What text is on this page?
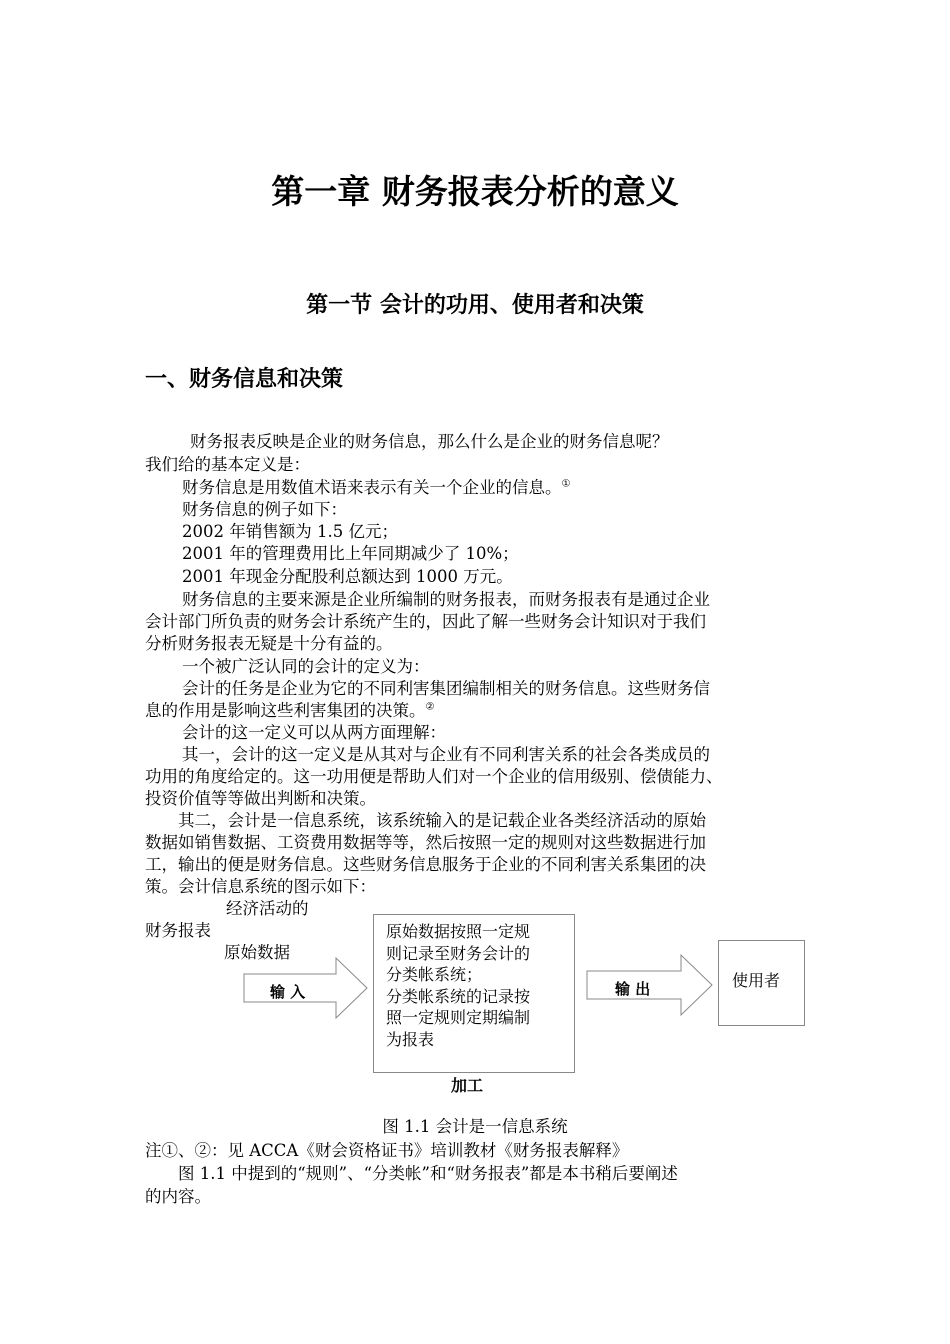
第一章 财务报表分析的意义
第一节 会计的功用、使用者和决策
一、财务信息和决策
财务报表反映是企业的财务信息，那么什么是企业的财务信息呢？
我们给的基本定义是：
财务信息是用数值术语来表示有关一个企业的信息。①
财务信息的例子如下：
2002 年销售额为 1.5 亿元；
2001 年的管理费用比上年同期减少了 10%；
2001 年现金分配股利总额达到 1000 万元。
财务信息的主要来源是企业所编制的财务报表，而财务报表有是通过企业
会计部门所负责的财务会计系统产生的，因此了解一些财务会计知识对于我们
分析财务报表无疑是十分有益的。
一个被广泛认同的会计的定义为：
会计的任务是企业为它的不同利害集团编制相关的财务信息。这些财务信
息的作用是影响这些利害集团的决策。②
会计的这一定义可以从两方面理解：
其一，会计的这一定义是从其对与企业有不同利害关系的社会各类成员的
功用的角度给定的。这一功用便是帮助人们对一个企业的信用级别、偿债能力、
投资价值等等做出判断和决策。
其二，会计是一信息系统，该系统输入的是记载企业各类经济活动的原始
数据如销售数据、工资费用数据等等，然后按照一定的规则对这些数据进行加
工，输出的便是财务信息。这些财务信息服务于企业的不同利害关系集团的决
策。会计信息系统的图示如下：
经济活动的
财务报表
原始数据
输 入
原始数据按照一定规
则记录至财务会计的
分类帐系统；
分类帐系统的记录按
照一定规则定期编制
为报表
输 出	使用者
加工
图 1.1 会计是一信息系统
注①、②：见 ACCA《财会资格证书》培训教材《财务报表解释》
图 1.1 中提到的“规则”、“分类帐”和“财务报表”都是本书稍后要阐述
的内容。
